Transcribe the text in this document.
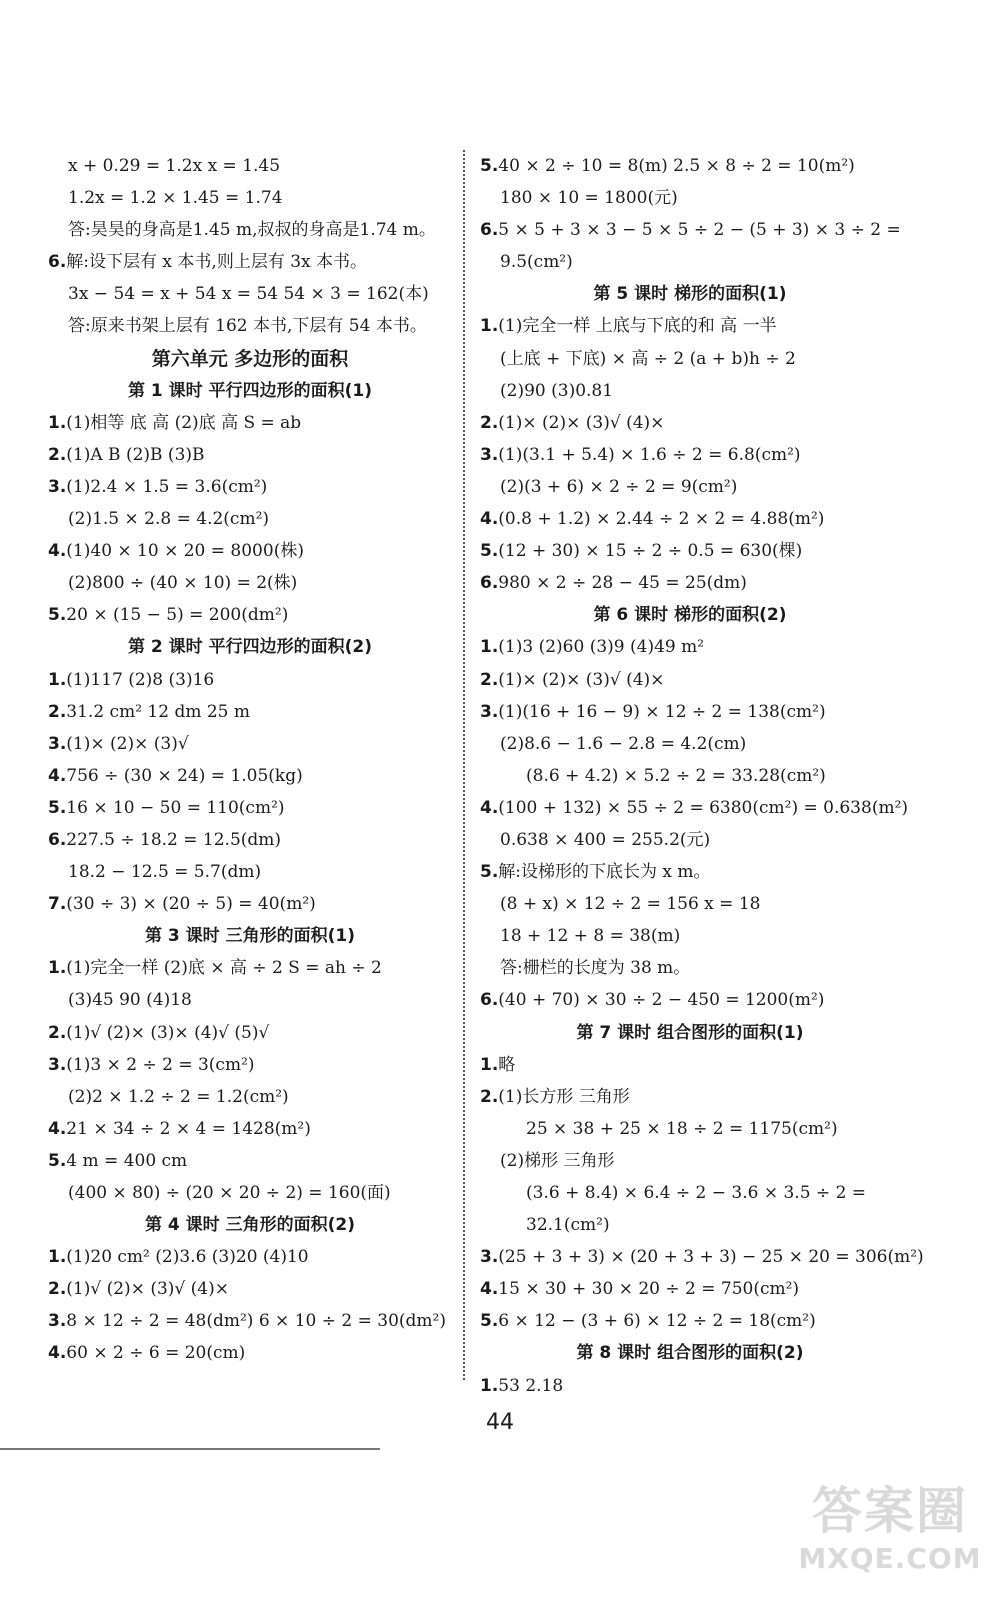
x + 0.29 = 1.2x x = 1.45
1.2x = 1.2 × 1.45 = 1.74
答:昊昊的身高是1.45 m,叔叔的身高是1.74 m。
6.解:设下层有 x 本书,则上层有 3x 本书。
3x − 54 = x + 54 x = 54 54 × 3 = 162(本)
答:原来书架上层有 162 本书,下层有 54 本书。
第六单元 多边形的面积
第 1 课时 平行四边形的面积(1)
1.(1)相等 底 高 (2)底 高 S = ab
2.(1)A B (2)B (3)B
3.(1)2.4 × 1.5 = 3.6(cm²)
(2)1.5 × 2.8 = 4.2(cm²)
4.(1)40 × 10 × 20 = 8000(株)
(2)800 ÷ (40 × 10) = 2(株)
5.20 × (15 − 5) = 200(dm²)
第 2 课时 平行四边形的面积(2)
1.(1)117 (2)8 (3)16
2.31.2 cm² 12 dm 25 m
3.(1)× (2)× (3)√
4.756 ÷ (30 × 24) = 1.05(kg)
5.16 × 10 − 50 = 110(cm²)
6.227.5 ÷ 18.2 = 12.5(dm)
18.2 − 12.5 = 5.7(dm)
7.(30 ÷ 3) × (20 ÷ 5) = 40(m²)
第 3 课时 三角形的面积(1)
1.(1)完全一样 (2)底 × 高 ÷ 2 S = ah ÷ 2
(3)45 90 (4)18
2.(1)√ (2)× (3)× (4)√ (5)√
3.(1)3 × 2 ÷ 2 = 3(cm²)
(2)2 × 1.2 ÷ 2 = 1.2(cm²)
4.21 × 34 ÷ 2 × 4 = 1428(m²)
5.4 m = 400 cm
(400 × 80) ÷ (20 × 20 ÷ 2) = 160(面)
第 4 课时 三角形的面积(2)
1.(1)20 cm² (2)3.6 (3)20 (4)10
2.(1)√ (2)× (3)√ (4)×
3.8 × 12 ÷ 2 = 48(dm²) 6 × 10 ÷ 2 = 30(dm²)
4.60 × 2 ÷ 6 = 20(cm)
5.40 × 2 ÷ 10 = 8(m) 2.5 × 8 ÷ 2 = 10(m²)
180 × 10 = 1800(元)
6.5 × 5 + 3 × 3 − 5 × 5 ÷ 2 − (5 + 3) × 3 ÷ 2 =
9.5(cm²)
第 5 课时 梯形的面积(1)
1.(1)完全一样 上底与下底的和 高 一半
(上底 + 下底) × 高 ÷ 2 (a + b)h ÷ 2
(2)90 (3)0.81
2.(1)× (2)× (3)√ (4)×
3.(1)(3.1 + 5.4) × 1.6 ÷ 2 = 6.8(cm²)
(2)(3 + 6) × 2 ÷ 2 = 9(cm²)
4.(0.8 + 1.2) × 2.44 ÷ 2 × 2 = 4.88(m²)
5.(12 + 30) × 15 ÷ 2 ÷ 0.5 = 630(棵)
6.980 × 2 ÷ 28 − 45 = 25(dm)
第 6 课时 梯形的面积(2)
1.(1)3 (2)60 (3)9 (4)49 m²
2.(1)× (2)× (3)√ (4)×
3.(1)(16 + 16 − 9) × 12 ÷ 2 = 138(cm²)
(2)8.6 − 1.6 − 2.8 = 4.2(cm)
(8.6 + 4.2) × 5.2 ÷ 2 = 33.28(cm²)
4.(100 + 132) × 55 ÷ 2 = 6380(cm²) = 0.638(m²)
0.638 × 400 = 255.2(元)
5.解:设梯形的下底长为 x m。
(8 + x) × 12 ÷ 2 = 156 x = 18
18 + 12 + 8 = 38(m)
答:栅栏的长度为 38 m。
6.(40 + 70) × 30 ÷ 2 − 450 = 1200(m²)
第 7 课时 组合图形的面积(1)
1.略
2.(1)长方形 三角形
25 × 38 + 25 × 18 ÷ 2 = 1175(cm²)
(2)梯形 三角形
(3.6 + 8.4) × 6.4 ÷ 2 − 3.6 × 3.5 ÷ 2 =
32.1(cm²)
3.(25 + 3 + 3) × (20 + 3 + 3) − 25 × 20 = 306(m²)
4.15 × 30 + 30 × 20 ÷ 2 = 750(cm²)
5.6 × 12 − (3 + 6) × 12 ÷ 2 = 18(cm²)
第 8 课时 组合图形的面积(2)
1.53 2.18
44
答案圈
MXQE.COM
